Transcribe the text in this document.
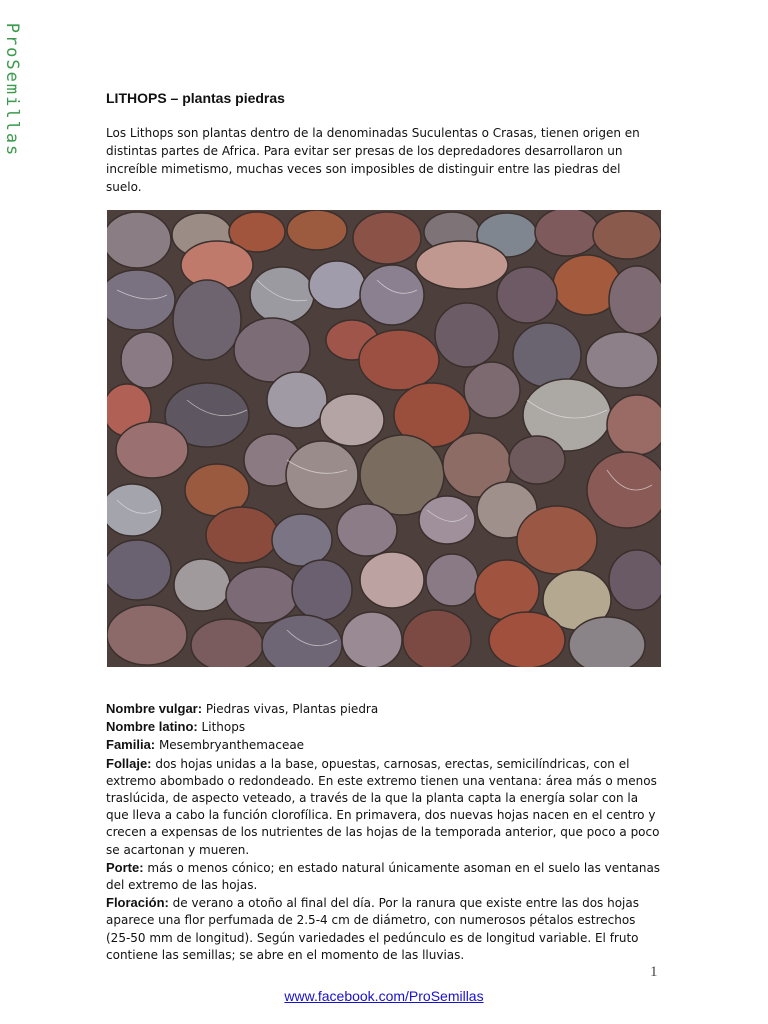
ProSemillas	LITHOPS – plantas piedras
Los Lithops son plantas dentro de la denominadas Suculentas o Crasas, tienen origen en distintas partes de Africa. Para evitar ser presas de los depredadores desarrollaron un increíble mimetismo, muchas veces son imposibles de distinguir entre las piedras del suelo.
Nombre vulgar: Piedras vivas, Plantas piedra
Nombre latino: Lithops
Familia: Mesembryanthemaceae
Follaje: dos hojas unidas a la base, opuestas, carnosas, erectas, semicilíndricas, con el extremo abombado o redondeado. En este extremo tienen una ventana: área más o menos traslúcida, de aspecto veteado, a través de la que la planta capta la energía solar con la que lleva a cabo la función clorofílica. En primavera, dos nuevas hojas nacen en el centro y crecen a expensas de los nutrientes de las hojas de la temporada anterior, que poco a poco se acartonan y mueren.
Porte: más o menos cónico; en estado natural únicamente asoman en el suelo las ventanas del extremo de las hojas.
Floración: de verano a otoño al final del día. Por la ranura que existe entre las dos hojas aparece una flor perfumada de 2.5-4 cm de diámetro, con numerosos pétalos estrechos (25-50 mm de longitud). Según variedades el pedúnculo es de longitud variable. El fruto contiene las semillas; se abre en el momento de las lluvias.
1
www.facebook.com/ProSemillas
